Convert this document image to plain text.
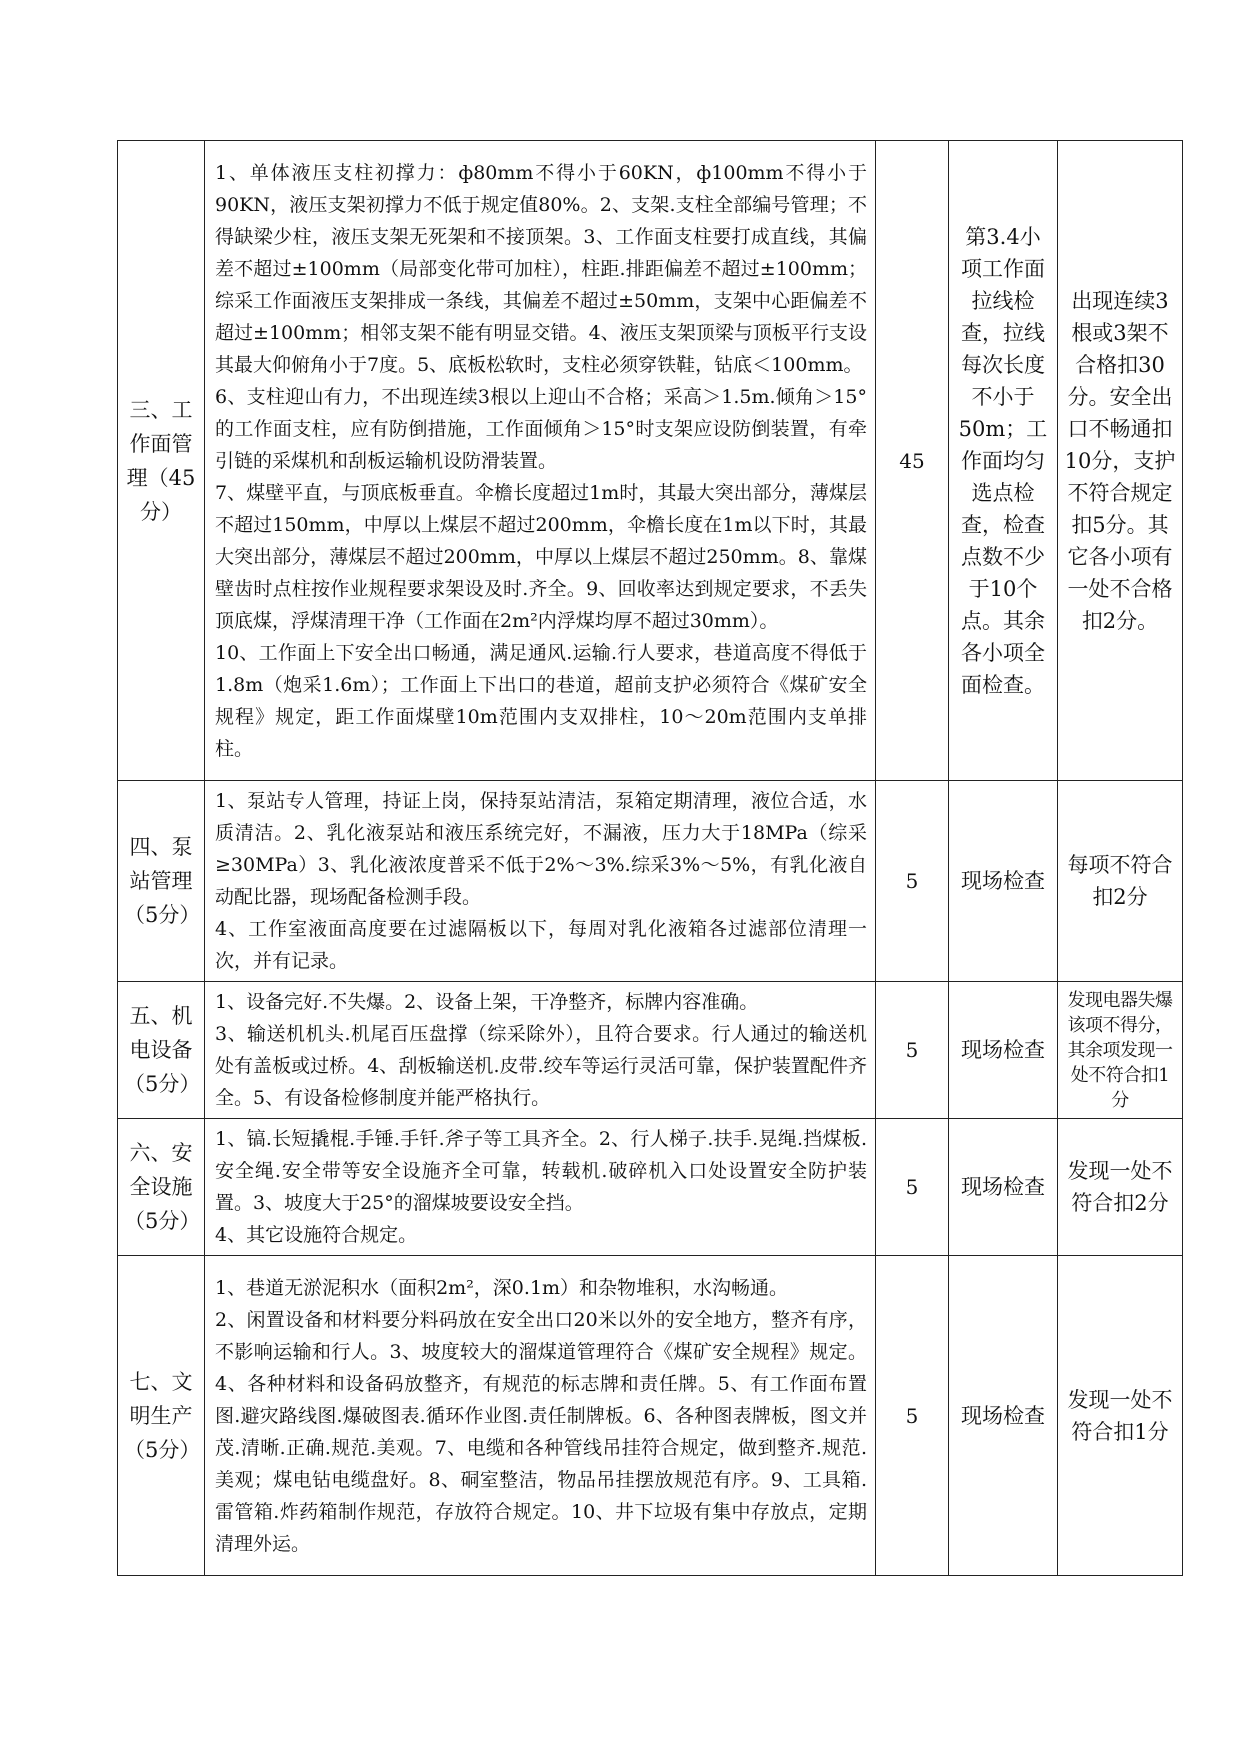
三、工作面管理（45分）	1、单体液压支柱初撑力：ф80mm不得小于60KN，ф100mm不得小于90KN，液压支架初撑力不低于规定值80%。2、支架.支柱全部编号管理；不得缺梁少柱，液压支架无死架和不接顶架。3、工作面支柱要打成直线，其偏差不超过±100mm（局部变化带可加柱），柱距.排距偏差不超过±100mm；综采工作面液压支架排成一条线，其偏差不超过±50mm，支架中心距偏差不超过±100mm；相邻支架不能有明显交错。4、液压支架顶梁与顶板平行支设其最大仰俯角小于7度。5、底板松软时，支柱必须穿铁鞋，钻底＜100mm。

6、支柱迎山有力，不出现连续3根以上迎山不合格；采高＞1.5m.倾角＞15°的工作面支柱，应有防倒措施，工作面倾角＞15°时支架应设防倒装置，有牵引链的采煤机和刮板运输机设防滑装置。

7、煤壁平直，与顶底板垂直。伞檐长度超过1m时，其最大突出部分，薄煤层不超过150mm，中厚以上煤层不超过200mm，伞檐长度在1m以下时，其最大突出部分，薄煤层不超过200mm，中厚以上煤层不超过250mm。8、靠煤壁齿时点柱按作业规程要求架设及时.齐全。9、回收率达到规定要求，不丢失顶底煤，浮煤清理干净（工作面在2m²内浮煤均厚不超过30mm）。

10、工作面上下安全出口畅通，满足通风.运输.行人要求，巷道高度不得低于1.8m（炮采1.6m）；工作面上下出口的巷道，超前支护必须符合《煤矿安全规程》规定，距工作面煤壁10m范围内支双排柱，10～20m范围内支单排柱。	45	第3.4小项工作面拉线检查，拉线每次长度不小于50m；工作面均匀选点检查，检查点数不少于10个点。其余各小项全面检查。	出现连续3根或3架不合格扣30分。安全出口不畅通扣10分，支护不符合规定扣5分。其它各小项有一处不合格扣2分。
四、泵站管理（5分）	1、泵站专人管理，持证上岗，保持泵站清洁，泵箱定期清理，液位合适，水质清洁。2、乳化液泵站和液压系统完好，不漏液，压力大于18MPa（综采≥30MPa）3、乳化液浓度普采不低于2%～3%.综采3%～5%，有乳化液自动配比器，现场配备检测手段。

4、工作室液面高度要在过滤隔板以下，每周对乳化液箱各过滤部位清理一次，并有记录。	5	现场检查	每项不符合扣2分
五、机电设备（5分）	1、设备完好.不失爆。2、设备上架，干净整齐，标牌内容准确。

3、输送机机头.机尾百压盘撑（综采除外），且符合要求。行人通过的输送机处有盖板或过桥。4、刮板输送机.皮带.绞车等运行灵活可靠，保护装置配件齐全。5、有设备检修制度并能严格执行。	5	现场检查	发现电器失爆该项不得分，其余项发现一处不符合扣1分
六、安全设施（5分）	1、镐.长短撬棍.手锤.手钎.斧子等工具齐全。2、行人梯子.扶手.晃绳.挡煤板.安全绳.安全带等安全设施齐全可靠，转载机.破碎机入口处设置安全防护装置。3、坡度大于25°的溜煤坡要设安全挡。

4、其它设施符合规定。	5	现场检查	发现一处不符合扣2分
七、文明生产（5分）	1、巷道无淤泥积水（面积2m²，深0.1m）和杂物堆积，水沟畅通。

2、闲置设备和材料要分料码放在安全出口20米以外的安全地方，整齐有序，不影响运输和行人。3、坡度较大的溜煤道管理符合《煤矿安全规程》规定。4、各种材料和设备码放整齐，有规范的标志牌和责任牌。5、有工作面布置图.避灾路线图.爆破图表.循环作业图.责任制牌板。6、各种图表牌板，图文并茂.清晰.正确.规范.美观。7、电缆和各种管线吊挂符合规定，做到整齐.规范.美观；煤电钻电缆盘好。8、硐室整洁，物品吊挂摆放规范有序。9、工具箱.雷管箱.炸药箱制作规范，存放符合规定。10、井下垃圾有集中存放点，定期清理外运。	5	现场检查	发现一处不符合扣1分
